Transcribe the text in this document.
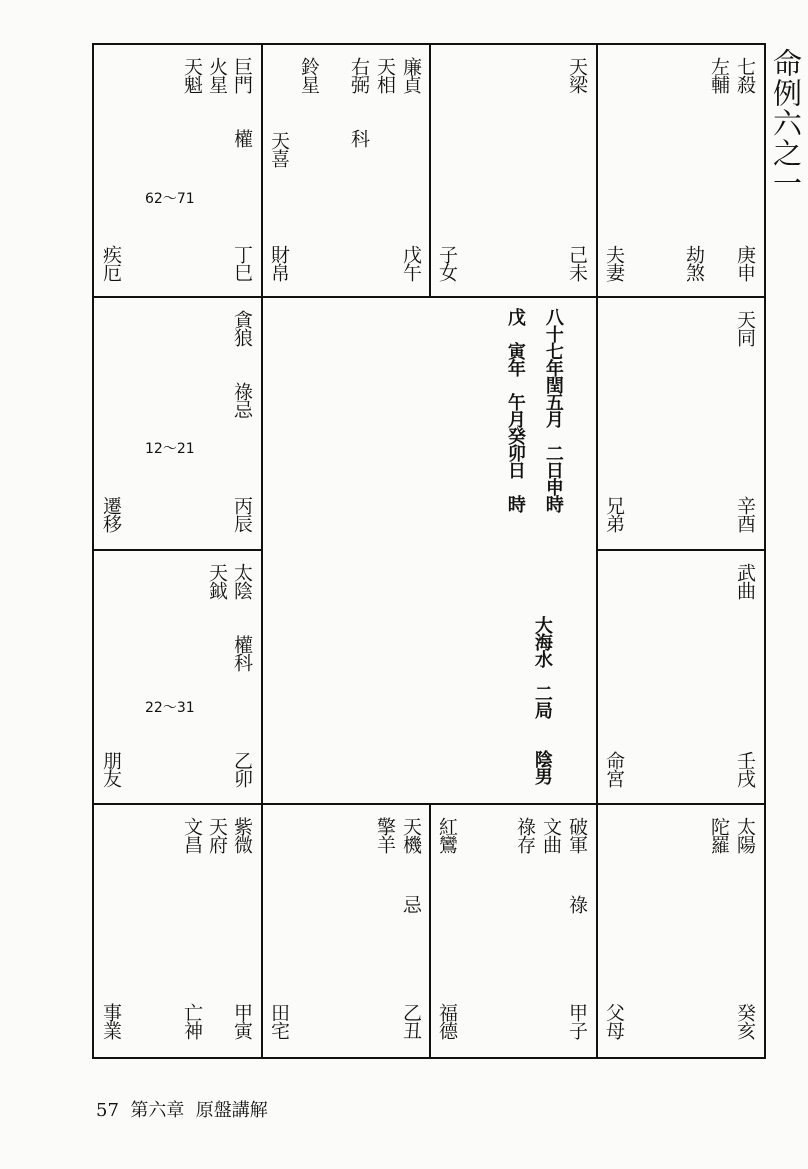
命例六之一
巨門
火星
天魁
權
62〜71
疾厄	丁巳
廉貞
天相
右弼
鈴星
科
天喜
財帛	戊午
天梁
子女	己未
七殺
左輔
劫煞
夫妻	庚申
貪狼
祿忌
12〜21
遷移	丙辰
天同
兄弟	辛酉
太陰
天鉞
權科
22〜31
朋友	乙卯
武曲
命宮	壬戌
紫微
天府
文昌
亡神
事業	甲寅
天機
擎羊
忌
田宅	乙丑
破軍
文曲
祿存
祿
紅鸞
福德	甲子
太陽
陀羅
父母	癸亥
八十七年閏五月　二日申時
戊　寅年　午月癸卯日　時
大海水　二局
陰男
57  第六章  原盤講解
